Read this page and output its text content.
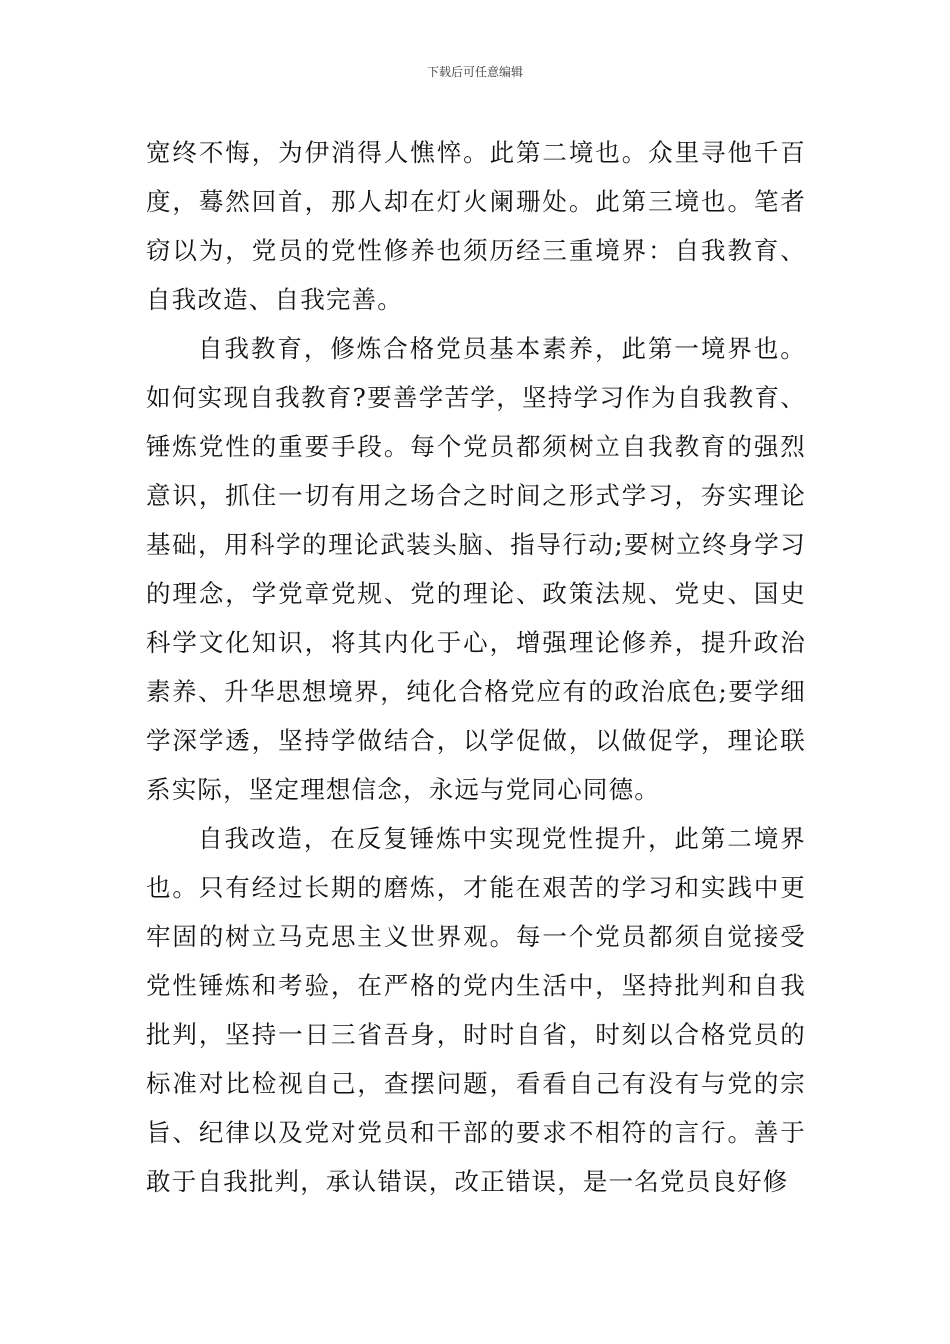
下载后可任意编辑

宽终不悔，为伊消得人憔悴。此第二境也。众里寻他千百度，蓦然回首，那人却在灯火阑珊处。此第三境也。笔者窃以为，党员的党性修养也须历经三重境界：自我教育、自我改造、自我完善。

自我教育，修炼合格党员基本素养，此第一境界也。如何实现自我教育?要善学苦学，坚持学习作为自我教育、锤炼党性的重要手段。每个党员都须树立自我教育的强烈意识，抓住一切有用之场合之时间之形式学习，夯实理论基础，用科学的理论武装头脑、指导行动;要树立终身学习的理念，学党章党规、党的理论、政策法规、党史、国史科学文化知识，将其内化于心，增强理论修养，提升政治素养、升华思想境界，纯化合格党应有的政治底色;要学细学深学透，坚持学做结合，以学促做，以做促学，理论联系实际，坚定理想信念，永远与党同心同德。

自我改造，在反复锤炼中实现党性提升，此第二境界也。只有经过长期的磨炼，才能在艰苦的学习和实践中更牢固的树立马克思主义世界观。每一个党员都须自觉接受党性锤炼和考验，在严格的党内生活中，坚持批判和自我批判，坚持一日三省吾身，时时自省，时刻以合格党员的标准对比检视自己，查摆问题，看看自己有没有与党的宗旨、纪律以及党对党员和干部的要求不相符的言行。善于敢于自我批判，承认错误，改正错误，是一名党员良好修
